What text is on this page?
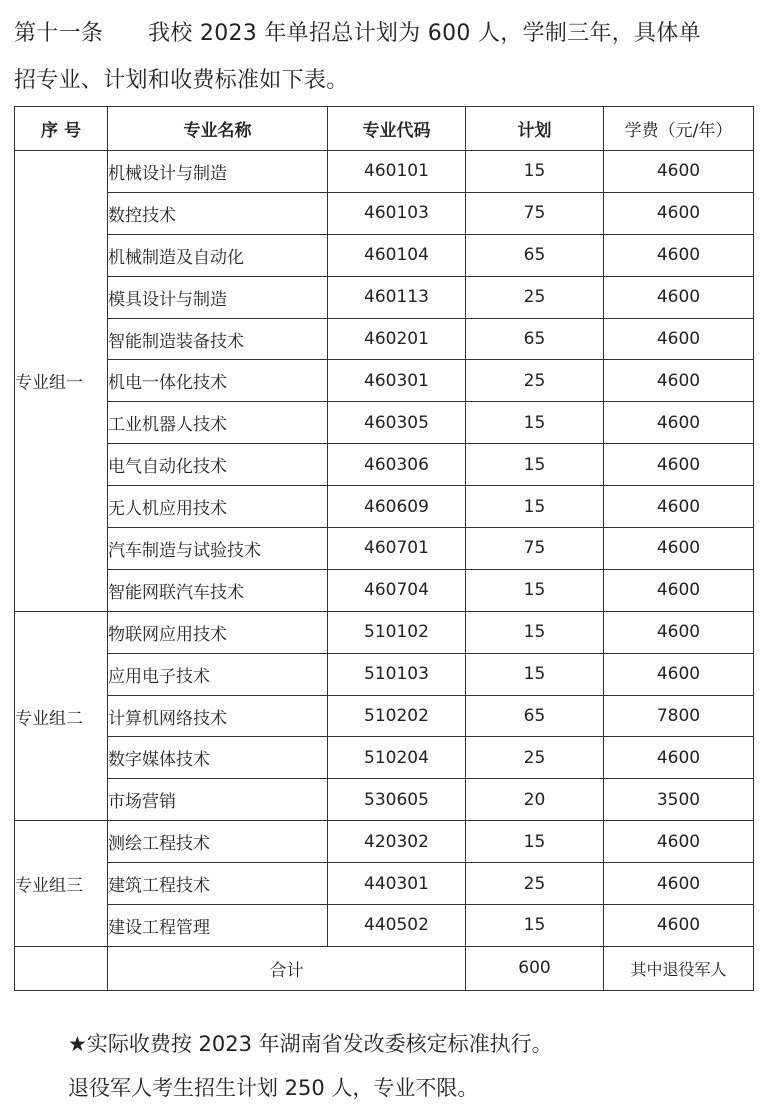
第十一条 我校 2023 年单招总计划为 600 人，学制三年，具体单
招专业、计划和收费标准如下表。
序 号	专业名称	专业代码	计划	学费（元/年）
专业组一	机械设计与制造	460101	15	4600
	数控技术	460103	75	4600
	机械制造及自动化	460104	65	4600
	模具设计与制造	460113	25	4600
	智能制造装备技术	460201	65	4600
	机电一体化技术	460301	25	4600
	工业机器人技术	460305	15	4600
	电气自动化技术	460306	15	4600
	无人机应用技术	460609	15	4600
	汽车制造与试验技术	460701	75	4600
	智能网联汽车技术	460704	15	4600
专业组二	物联网应用技术	510102	15	4600
	应用电子技术	510103	15	4600
	计算机网络技术	510202	65	7800
	数字媒体技术	510204	25	4600
	市场营销	530605	20	3500
专业组三	测绘工程技术	420302	15	4600
	建筑工程技术	440301	25	4600
	建设工程管理	440502	15	4600
	合计		600	其中退役军人
★实际收费按 2023 年湖南省发改委核定标准执行。
退役军人考生招生计划 250 人，专业不限。
